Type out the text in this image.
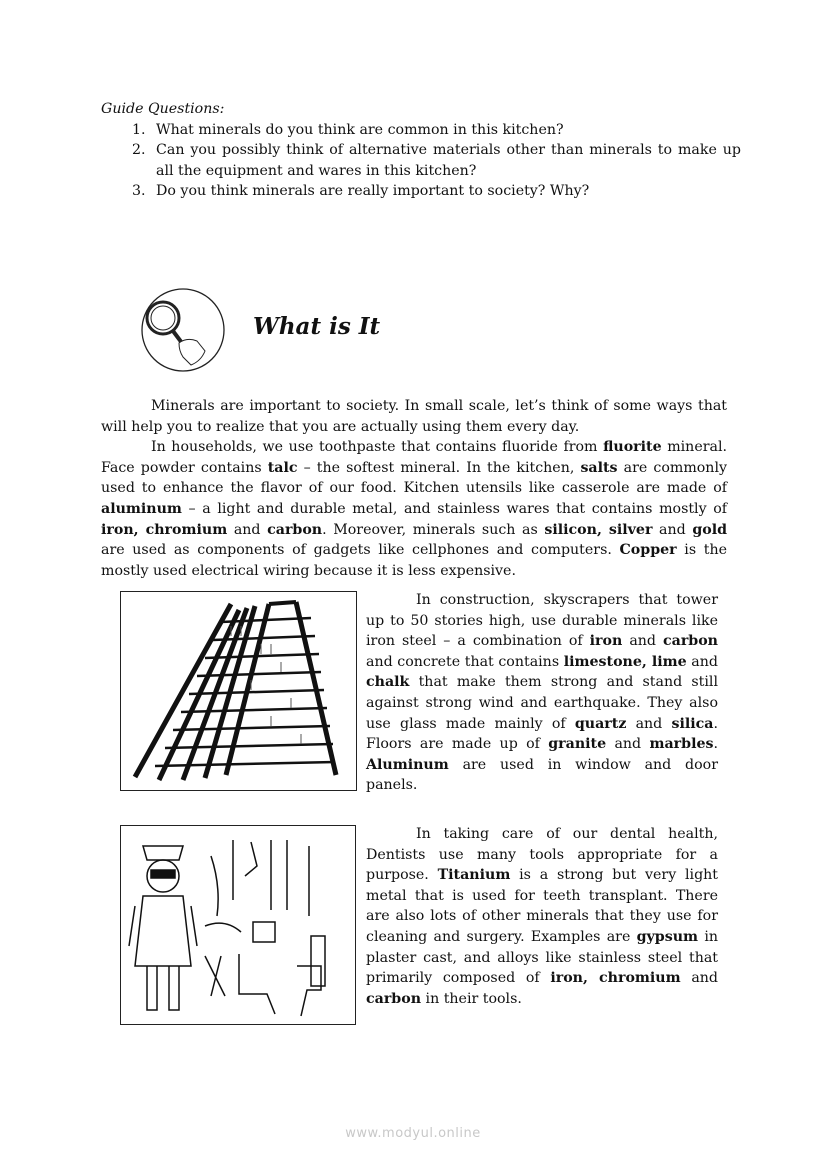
Guide Questions:
1. What minerals do you think are common in this kitchen?
2. Can you possibly think of alternative materials other than minerals to make up all the equipment and wares in this kitchen?
3. Do you think minerals are really important to society? Why?
What is It

Minerals are important to society. In small scale, let’s think of some ways that will help you to realize that you are actually using them every day.

In households, we use toothpaste that contains fluoride from fluorite mineral. Face powder contains talc – the softest mineral. In the kitchen, salts are commonly used to enhance the flavor of our food. Kitchen utensils like casserole are made of aluminum – a light and durable metal, and stainless wares that contains mostly of iron, chromium and carbon. Moreover, minerals such as silicon, silver and gold are used as components of gadgets like cellphones and computers. Copper is the mostly used electrical wiring because it is less expensive.

In construction, skyscrapers that tower up to 50 stories high, use durable minerals like iron steel – a combination of iron and carbon and concrete that contains limestone, lime and chalk that make them strong and stand still against strong wind and earthquake. They also use glass made mainly of quartz and silica. Floors are made up of granite and marbles. Aluminum are used in window and door panels.

In taking care of our dental health, Dentists use many tools appropriate for a purpose. Titanium is a strong but very light metal that is used for teeth transplant. There are also lots of other minerals that they use for cleaning and surgery. Examples are gypsum in plaster cast, and alloys like stainless steel that primarily composed of iron, chromium and carbon in their tools.

www.modyul.online
